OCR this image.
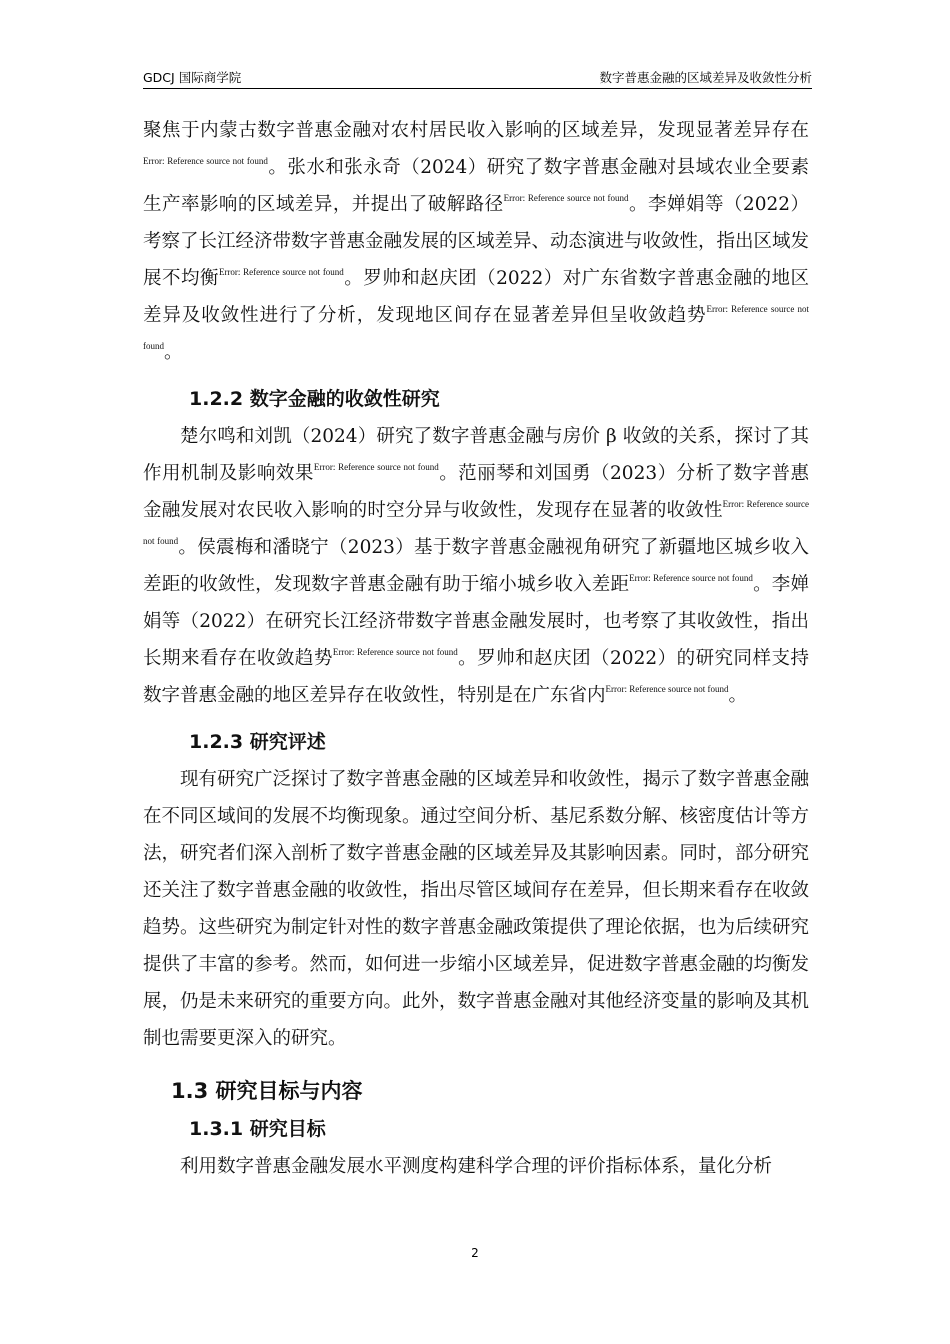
GDCJ 国际商学院	数字普惠金融的区域差异及收敛性分析

聚焦于内蒙古数字普惠金融对农村居民收入影响的区域差异，发现显著差异存在$^{Error: Reference source not found}$。张水和张永奇（2024）研究了数字普惠金融对县域农业全要素生产率影响的区域差异，并提出了破解路径$^{Error: Reference source not found}$。李婵娟等（2022）考察了长江经济带数字普惠金融发展的区域差异、动态演进与收敛性，指出区域发展不均衡$^{Error: Reference source not found}$。罗帅和赵庆团（2022）对广东省数字普惠金融的地区差异及收敛性进行了分析，发现地区间存在显著差异但呈收敛趋势$^{Error: Reference source not found}$。

1.2.2 数字金融的收敛性研究

楚尔鸣和刘凯（2024）研究了数字普惠金融与房价 β 收敛的关系，探讨了其作用机制及影响效果$^{Error: Reference source not found}$。范丽琴和刘国勇（2023）分析了数字普惠金融发展对农民收入影响的时空分异与收敛性，发现存在显著的收敛性$^{Error: Reference source not found}$。侯震梅和潘晓宁（2023）基于数字普惠金融视角研究了新疆地区城乡收入差距的收敛性，发现数字普惠金融有助于缩小城乡收入差距$^{Error: Reference source not found}$。李婵娟等（2022）在研究长江经济带数字普惠金融发展时，也考察了其收敛性，指出长期来看存在收敛趋势$^{Error: Reference source not found}$。罗帅和赵庆团（2022）的研究同样支持数字普惠金融的地区差异存在收敛性，特别是在广东省内$^{Error: Reference source not found}$。

1.2.3 研究评述

现有研究广泛探讨了数字普惠金融的区域差异和收敛性，揭示了数字普惠金融在不同区域间的发展不均衡现象。通过空间分析、基尼系数分解、核密度估计等方法，研究者们深入剖析了数字普惠金融的区域差异及其影响因素。同时，部分研究还关注了数字普惠金融的收敛性，指出尽管区域间存在差异，但长期来看存在收敛趋势。这些研究为制定针对性的数字普惠金融政策提供了理论依据，也为后续研究提供了丰富的参考。然而，如何进一步缩小区域差异，促进数字普惠金融的均衡发展，仍是未来研究的重要方向。此外，数字普惠金融对其他经济变量的影响及其机制也需要更深入的研究。

1.3 研究目标与内容
1.3.1 研究目标

利用数字普惠金融发展水平测度构建科学合理的评价指标体系，量化分析

2
